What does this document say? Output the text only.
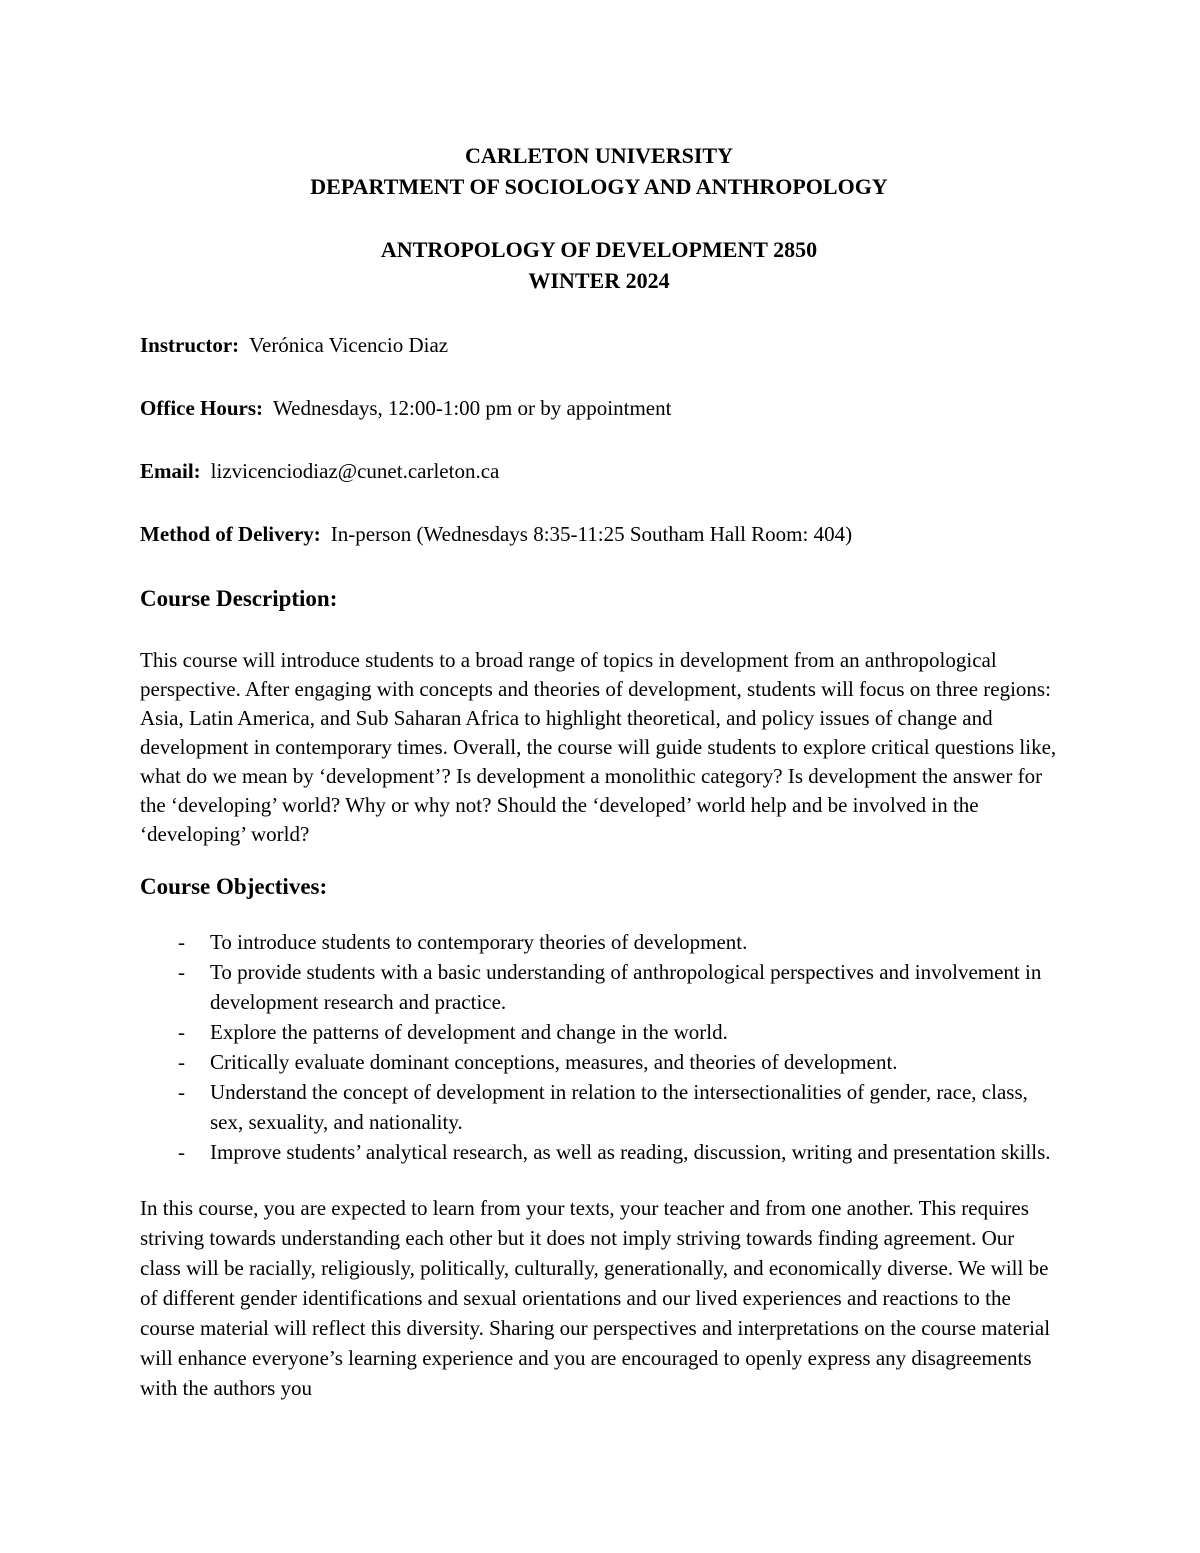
CARLETON UNIVERSITY
DEPARTMENT OF SOCIOLOGY AND ANTHROPOLOGY
ANTROPOLOGY OF DEVELOPMENT 2850
WINTER 2024
Instructor: Verónica Vicencio Diaz
Office Hours: Wednesdays, 12:00-1:00 pm or by appointment
Email: lizvicenciodiaz@cunet.carleton.ca
Method of Delivery: In-person (Wednesdays 8:35-11:25 Southam Hall Room: 404)
Course Description:

This course will introduce students to a broad range of topics in development from an anthropological perspective. After engaging with concepts and theories of development, students will focus on three regions: Asia, Latin America, and Sub Saharan Africa to highlight theoretical, and policy issues of change and development in contemporary times. Overall, the course will guide students to explore critical questions like, what do we mean by ‘development’? Is development a monolithic category? Is development the answer for the ‘developing’ world? Why or why not? Should the ‘developed’ world help and be involved in the ‘developing’ world?

Course Objectives:
-	To introduce students to contemporary theories of development.
-	To provide students with a basic understanding of anthropological perspectives and involvement in development research and practice.
-	Explore the patterns of development and change in the world.
-	Critically evaluate dominant conceptions, measures, and theories of development.
-	Understand the concept of development in relation to the intersectionalities of gender, race, class, sex, sexuality, and nationality.
-	Improve students’ analytical research, as well as reading, discussion, writing and presentation skills.

In this course, you are expected to learn from your texts, your teacher and from one another. This requires striving towards understanding each other but it does not imply striving towards finding agreement. Our class will be racially, religiously, politically, culturally, generationally, and economically diverse. We will be of different gender identifications and sexual orientations and our lived experiences and reactions to the course material will reflect this diversity. Sharing our perspectives and interpretations on the course material will enhance everyone’s learning experience and you are encouraged to openly express any disagreements with the authors you
